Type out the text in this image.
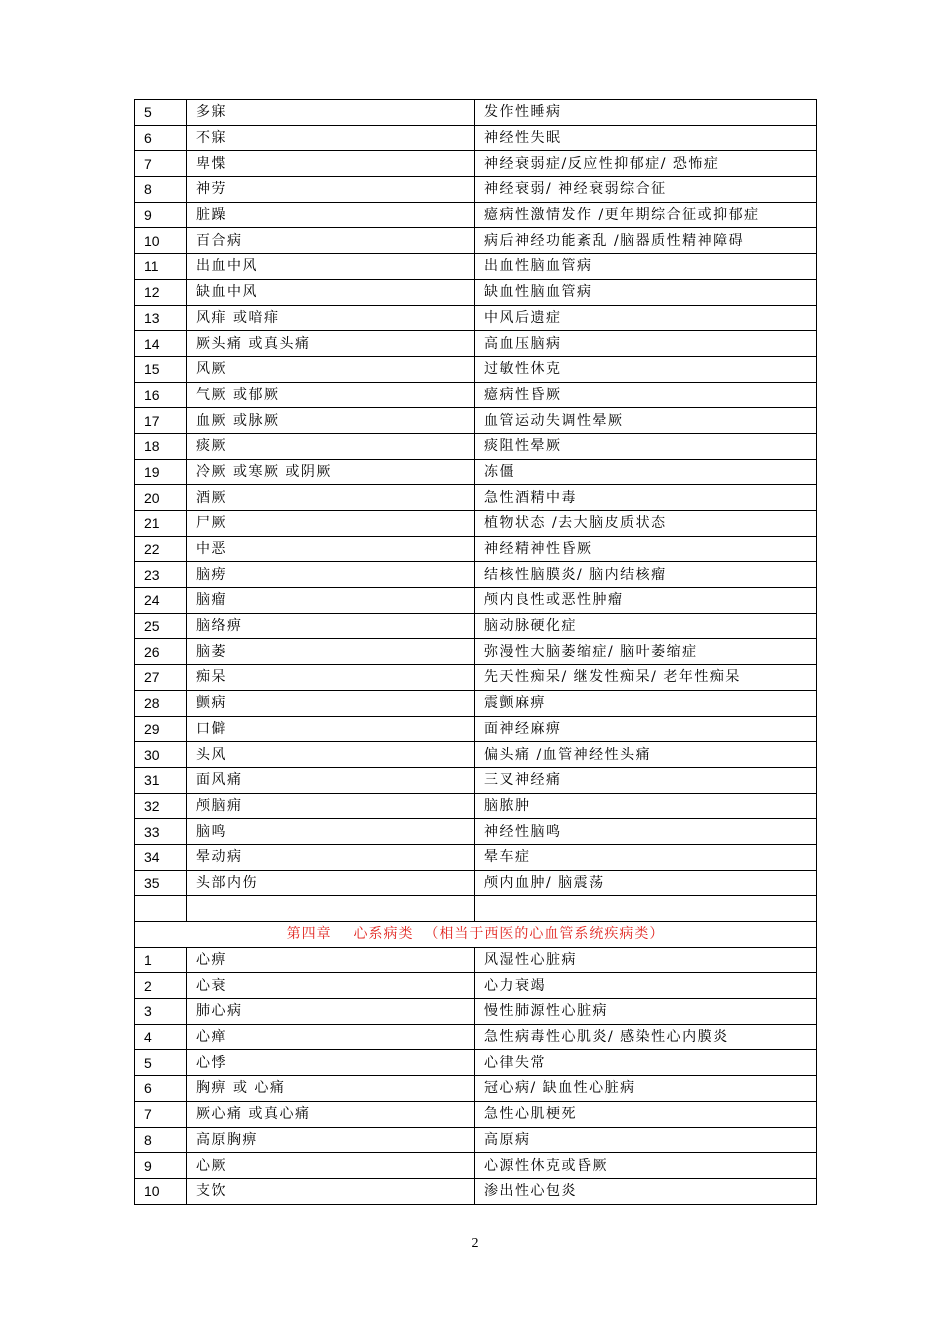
5	多寐	发作性睡病
6	不寐	神经性失眠
7	卑惵	神经衰弱症/反应性抑郁症/ 恐怖症
8	神劳	神经衰弱/ 神经衰弱综合征
9	脏躁	癔病性激情发作 /更年期综合征或抑郁症
10	百合病	病后神经功能紊乱 /脑器质性精神障碍
11	出血中风	出血性脑血管病
12	缺血中风	缺血性脑血管病
13	风痱 或喑痱	中风后遗症
14	厥头痛 或真头痛	高血压脑病
15	风厥	过敏性休克
16	气厥 或郁厥	癔病性昏厥
17	血厥 或脉厥	血管运动失调性晕厥
18	痰厥	痰阻性晕厥
19	冷厥 或寒厥 或阴厥	冻僵
20	酒厥	急性酒精中毒
21	尸厥	植物状态 /去大脑皮质状态
22	中恶	神经精神性昏厥
23	脑痨	结核性脑膜炎/ 脑内结核瘤
24	脑瘤	颅内良性或恶性肿瘤
25	脑络痹	脑动脉硬化症
26	脑萎	弥漫性大脑萎缩症/ 脑叶萎缩症
27	痴呆	先天性痴呆/ 继发性痴呆/ 老年性痴呆
28	颤病	震颤麻痹
29	口僻	面神经麻痹
30	头风	偏头痛 /血管神经性头痛
31	面风痛	三叉神经痛
32	颅脑痈	脑脓肿
33	脑鸣	神经性脑鸣
34	晕动病	晕车症
35	头部内伤	颅内血肿/ 脑震荡

第四章    心系病类  （相当于西医的心血管系统疾病类）		
1	心痹	风湿性心脏病
2	心衰	心力衰竭
3	肺心病	慢性肺源性心脏病
4	心瘅	急性病毒性心肌炎/ 感染性心内膜炎
5	心悸	心律失常
6	胸痹 或 心痛	冠心病/ 缺血性心脏病
7	厥心痛 或真心痛	急性心肌梗死
8	高原胸痹	高原病
9	心厥	心源性休克或昏厥
10	支饮	渗出性心包炎
2
